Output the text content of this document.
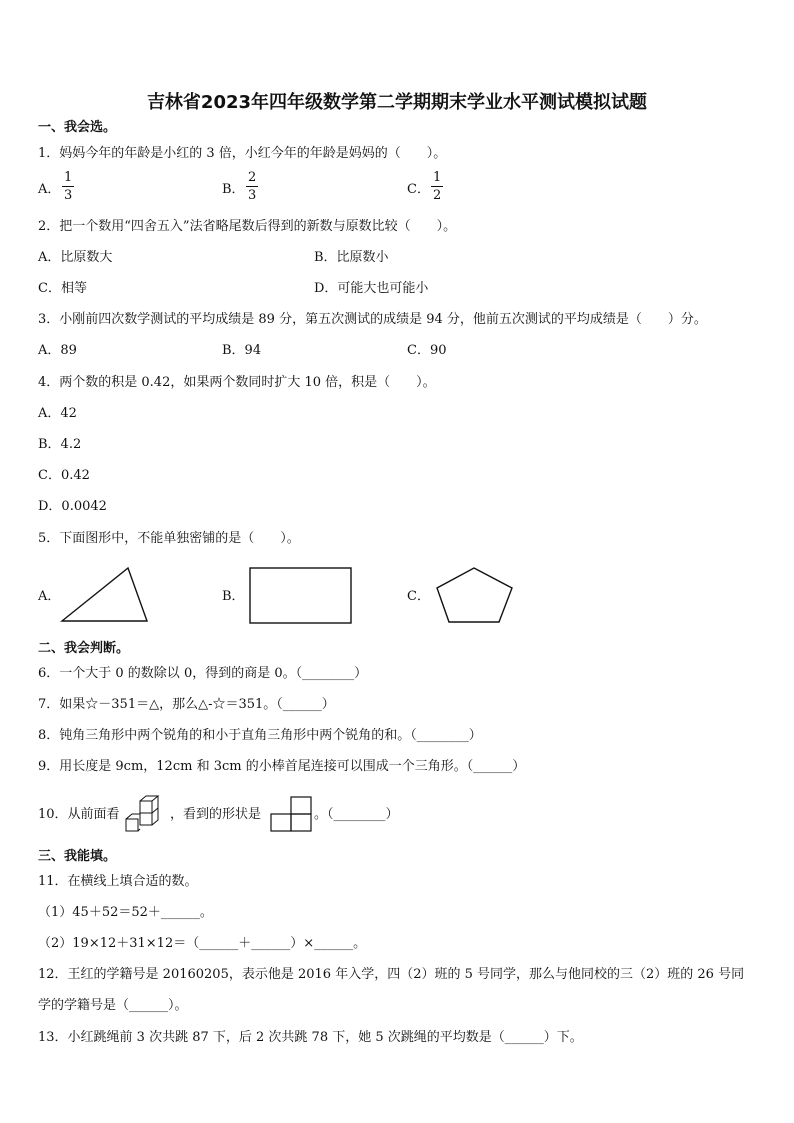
吉林省2023年四年级数学第二学期期末学业水平测试模拟试题
一、我会选。
1．妈妈今年的年龄是小红的 3 倍，小红今年的年龄是妈妈的（　　）。
A．
1
3	B．
2
3	C．
1
2
2．把一个数用“四舍五入”法省略尾数后得到的新数与原数比较（　　）。
A．比原数大	B．比原数小
C．相等	D．可能大也可能小
3．小刚前四次数学测试的平均成绩是 89 分，第五次测试的成绩是 94 分，他前五次测试的平均成绩是（　　）分。
A．89	B．94	C．90
4．两个数的积是 0.42，如果两个数同时扩大 10 倍，积是（　　）。
A．42
B．4.2
C．0.42
D．0.0042
5．下面图形中，不能单独密铺的是（　　）。
A．	B．	C．
二、我会判断。
6．一个大于 0 的数除以 0，得到的商是 0。（________）
7．如果☆－351＝△，那么△-☆＝351。（______）
8．钝角三角形中两个锐角的和小于直角三角形中两个锐角的和。（________）
9．用长度是 9cm，12cm 和 3cm 的小棒首尾连接可以围成一个三角形。（______）
10．从前面看	，看到的形状是	。（________）
三、我能填。
11．在横线上填合适的数。
（1）45＋52＝52＋______。
（2）19×12＋31×12＝（______＋______）×______。
12．王红的学籍号是 20160205，表示他是 2016 年入学，四（2）班的 5 号同学，那么与他同校的三（2）班的 26 号同
学的学籍号是（______）。
13．小红跳绳前 3 次共跳 87 下，后 2 次共跳 78 下，她 5 次跳绳的平均数是（______）下。
